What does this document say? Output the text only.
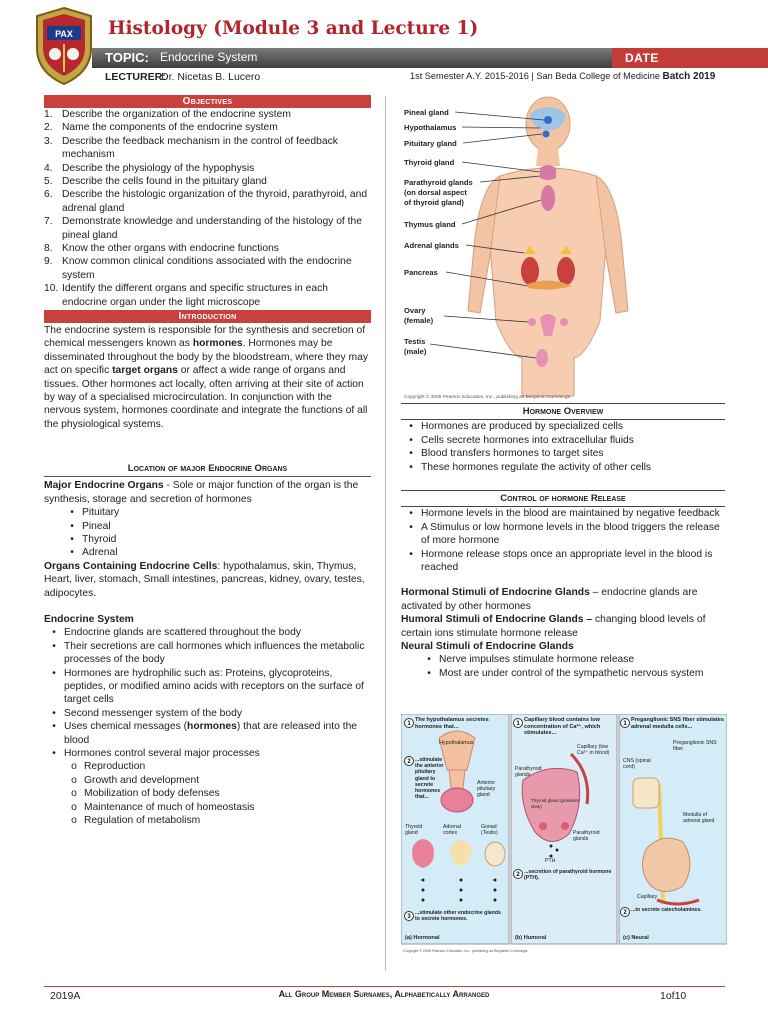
PAX Histology (Module 3 and Lecture 1)
TOPIC: Endocrine System	DATE
LECTURER:
Dr. Nicetas B. Lucero	1st Semester A.Y. 2015-2016 | San Beda College of Medicine Batch 2019
Objectives
1. Describe the organization of the endocrine system
2. Name the components of the endocrine system
3. Describe the feedback mechanism in the control of feedback mechanism
4. Describe the physiology of the hypophysis
5. Describe the cells found in the pituitary gland
6. Describe the histologic organization of the thyroid, parathyroid, and adrenal gland
7. Demonstrate knowledge and understanding of the histology of the pineal gland
8. Know the other organs with endocrine functions
9. Know common clinical conditions associated with the endocrine system
10. Identify the different organs and specific structures in each endocrine organ under the light microscope
Introduction
The endocrine system is responsible for the synthesis and secretion of chemical messengers known as hormones. Hormones may be disseminated throughout the body by the bloodstream, where they may act on specific target organs or affect a wide range of organs and tissues. Other hormones act locally, often arriving at their site of action by way of a specialised microcirculation. In conjunction with the nervous system, hormones coordinate and integrate the functions of all the physiological systems.
Location of major Endocrine Organs
Major Endocrine Organs - Sole or major function of the organ is the synthesis, storage and secretion of hormones
• Pituitary
• Pineal
• Thyroid
• Adrenal
Organs Containing Endocrine Cells: hypothalamus, skin, Thymus, Heart, liver, stomach, Small intestines, pancreas, kidney, ovary, testes, adipocytes.
Endocrine System
• Endocrine glands are scattered throughout the body
• Their secretions are call hormones which influences the metabolic processes of the body
• Hormones are hydrophilic such as: Proteins, glycoproteins, peptides, or modified amino acids with receptors on the surface of target cells
• Second messenger system of the body
• Uses chemical messages (hormones) that are released into the blood
• Hormones control several major processes
o Reproduction
o Growth and development
o Mobilization of body defenses
o Maintenance of much of homeostasis
o Regulation of metabolism
Pineal gland
Hypothalamus
Pituitary gland
Thyroid gland
Parathyroid glands
(on dorsal aspect
of thyroid gland)
Thymus gland
Adrenal glands
Pancreas
Ovary
(female)
Testis
(male)
Copyright © 2006 Pearson Education, Inc., publishing as Benjamin Cummings.
Hormone Overview
• Hormones are produced by specialized cells
• Cells secrete hormones into extracellular fluids
• Blood transfers hormones to target sites
• These hormones regulate the activity of other cells
Control of hormone Release
• Hormone levels in the blood are maintained by negative feedback
• A Stimulus or low hormone levels in the blood triggers the release of more hormone
• Hormone release stops once an appropriate level in the blood is reached
Hormonal Stimuli of Endocrine Glands – endocrine glands are activated by other hormones
Humoral Stimuli of Endocrine Glands – changing blood levels of certain ions stimulate hormone release
Neural Stimuli of Endocrine Glands
• Nerve impulses stimulate hormone release
• Most are under control of the sympathetic nervous system
1
2
3
1
2
1
2
The hypothalamus secretes hormones that...
Hypothalamus
...stimulate the anterior pituitary gland to secrete hormones that...
Anterior pituitary gland
Thyroid gland
Adrenal cortex
Gonad (Testis)
...stimulate other endocrine glands to secrete hormones.
Capillary blood contains low concentration of Ca²⁺, which stimulates...
Capillary (low Ca²⁺ in blood)
Parathyroid glands
Thyroid gland (posterior view)
Parathyroid glands
PTH
...secretion of parathyroid hormone (PTH).
Preganglionic SNS fiber stimulates adrenal medulla cells...
Preganglionic SNS fiber
CNS (spinal cord)
Medulla of adrenal gland
Capillary
...to secrete catecholamines.
(a) Hormonal	(b) Humoral	(c) Neural
Copyright © 2006 Pearson Education, Inc., publishing as Benjamin Cummings.
2019A	All Group Member Surnames, Alphabetically Arranged	1of10
